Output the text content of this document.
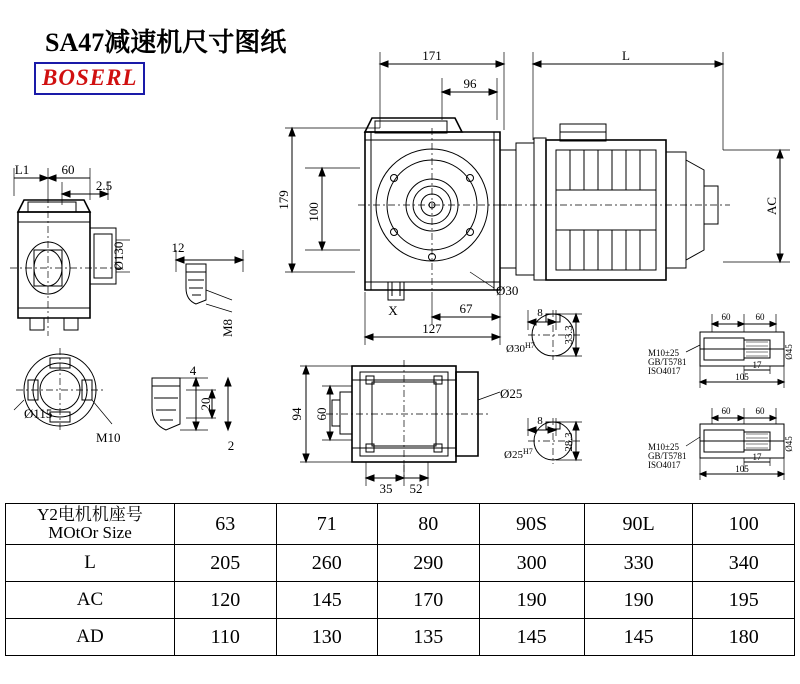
SA47减速机尺寸图纸
BOSERL
171	L
96
179
100	AC
67
127
X
Ø30
L1 60
2.5
Ø130	12
M8
Ø115
M10
4
20
2
94 60
35 52
Ø25
8
33.3
$Ø30^{H7}$
8
28.3
$Ø25^{H7}$
60	60
17
105
Ø45
M10±25
GB/T5781
ISO4017
60	60
17
105
Ø45
M10±25
GB/T5781
ISO4017
Y2电机机座号
MOtOr Size	63	71	80	90S	90L	100
L	205	260	290	300	330	340
AC	120	145	170	190	190	195
AD	110	130	135	145	145	180
